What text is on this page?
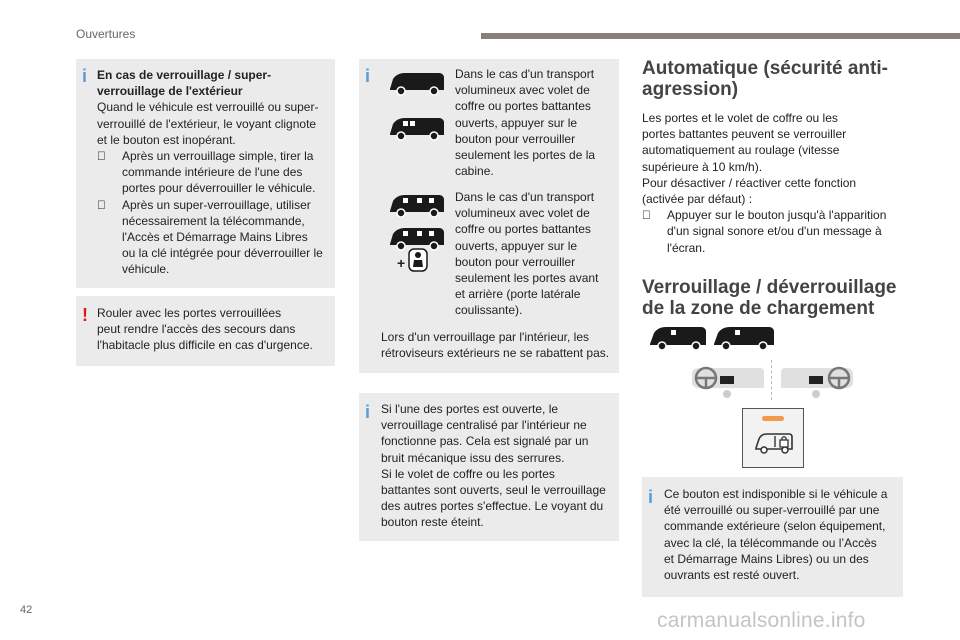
Ouvertures
i En cas de verrouillage / super-

verrouillage de l'extérieur

Quand le véhicule est verrouillé ou super-

verrouillé de l'extérieur, le voyant clignote

et le bouton est inopérant.

Après un verrouillage simple, tirer la
commande intérieure de l'une des
portes pour déverrouiller le véhicule.
Après un super-verrouillage, utiliser
nécessairement la télécommande,
l'Accès et Démarrage Mains Libres
ou la clé intégrée pour déverrouiller le
véhicule.
! Rouler avec les portes verrouillées

peut rendre l'accès des secours dans

l'habitacle plus difficile en cas d'urgence.

i
+

Dans le cas d'un transport

volumineux avec volet de

coffre ou portes battantes

ouverts, appuyer sur le

bouton pour verrouiller

seulement les portes de la

cabine.

Dans le cas d'un transport

volumineux avec volet de

coffre ou portes battantes

ouverts, appuyer sur le

bouton pour verrouiller

seulement les portes avant

et arrière (porte latérale

coulissante).

Lors d'un verrouillage par l'intérieur, les

rétroviseurs extérieurs ne se rabattent pas.

i Si l'une des portes est ouverte, le

verrouillage centralisé par l'intérieur ne

fonctionne pas. Cela est signalé par un

bruit mécanique issu des serrures.

Si le volet de coffre ou les portes

battantes sont ouverts, seul le verrouillage

des autres portes s'effectue. Le voyant du

bouton reste éteint.

Automatique (sécurité anti-
agression)

Les portes et le volet de coffre ou les

portes battantes peuvent se verrouiller

automatiquement au roulage (vitesse

supérieure à 10 km/h).

Pour désactiver / réactiver cette fonction

(activée par défaut) :

Appuyer sur le bouton jusqu'à l'apparition
d'un signal sonore et/ou d'un message à
l'écran.
Verrouillage / déverrouillage
de la zone de chargement
i Ce bouton est indisponible si le véhicule a

été verrouillé ou super-verrouillé par une

commande extérieure (selon équipement,

avec la clé, la télécommande ou l’Accès

et Démarrage Mains Libres) ou un des

ouvrants est resté ouvert.

42	carmanualsonline.info
